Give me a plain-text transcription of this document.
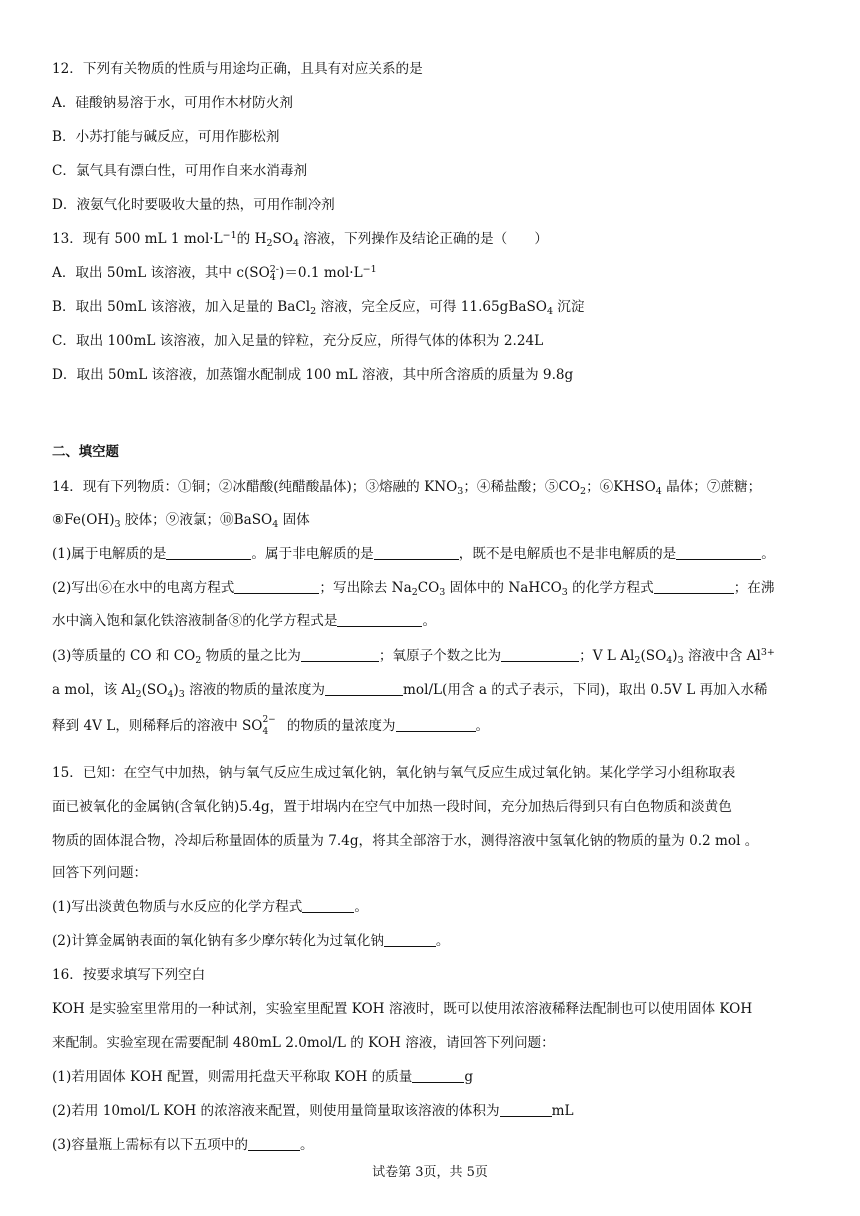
12．下列有关物质的性质与用途均正确，且具有对应关系的是
A．硅酸钠易溶于水，可用作木材防火剂
B．小苏打能与碱反应，可用作膨松剂
C．氯气具有漂白性，可用作自来水消毒剂
D．液氨气化时要吸收大量的热，可用作制冷剂
13．现有 500 mL 1 $mol\cdot L^{-1}$的 $H_2SO_4$ 溶液，下列操作及结论正确的是（　　）
A．取出 50mL 该溶液，其中 $c(SO_4^{2-})=0.1$ $mol\cdot L^{-1}$
B．取出 50mL 该溶液，加入足量的 BaCl$_2$ 溶液，完全反应，可得 11.65gBaSO$_4$ 沉淀
C．取出 100mL 该溶液，加入足量的锌粒，充分反应，所得气体的体积为 2.24L
D．取出 50mL 该溶液，加蒸馏水配制成 100 mL 溶液，其中所含溶质的质量为 9.8g
二、填空题
14．现有下列物质：①铜；②冰醋酸(纯醋酸晶体)；③熔融的 $KNO_3$；④稀盐酸；$⑤CO_2$；$⑥KHSO_4$ 晶体；⑦蔗糖；
$⑧Fe(OH)_3$ 胶体；⑨液氯；⑩BaSO$_4$ 固体
(1)属于电解质的是	。属于非电解质的是	，既不是电解质也不是非电解质的是	。
(2)写出⑥在水中的电离方程式	；写出除去 $Na_2CO_3$ 固体中的 NaHCO$_3$ 的化学方程式	；在沸
水中滴入饱和氯化铁溶液制备⑧的化学方程式是	。
(3)等质量的 CO 和 $CO_2$ 物质的量之比为	；氧原子个数之比为	；V L $Al_2(SO_4)_3$ 溶液中含 $Al^{3+}$
a mol，该 $Al_2(SO_4)_3$ 溶液的物质的量浓度为	mol/L(用含 a 的式子表示，下同)，取出 0.5V L 再加入水稀
释到 4V L，则稀释后的溶液中 SO 2−
4 的物质的量浓度为	。
15．已知：在空气中加热，钠与氧气反应生成过氧化钠，氧化钠与氧气反应生成过氧化钠。某化学学习小组称取表
面已被氧化的金属钠(含氧化钠)5.4g，置于坩埚内在空气中加热一段时间，充分加热后得到只有白色物质和淡黄色
物质的固体混合物，冷却后称量固体的质量为 7.4g，将其全部溶于水，测得溶液中氢氧化钠的物质的量为 0.2 mol 。
回答下列问题：
(1)写出淡黄色物质与水反应的化学方程式	。
(2)计算金属钠表面的氧化钠有多少摩尔转化为过氧化钠	。
16．按要求填写下列空白
KOH 是实验室里常用的一种试剂，实验室里配置 KOH 溶液时，既可以使用浓溶液稀释法配制也可以使用固体 KOH
来配制。实验室现在需要配制 480mL 2.0mol/L 的 KOH 溶液，请回答下列问题：
(1)若用固体 KOH 配置，则需用托盘天平称取 KOH 的质量	g
(2)若用 10mol/L KOH 的浓溶液来配置，则使用量筒量取该溶液的体积为	mL
(3)容量瓶上需标有以下五项中的	。
试卷第 3页，共 5页
